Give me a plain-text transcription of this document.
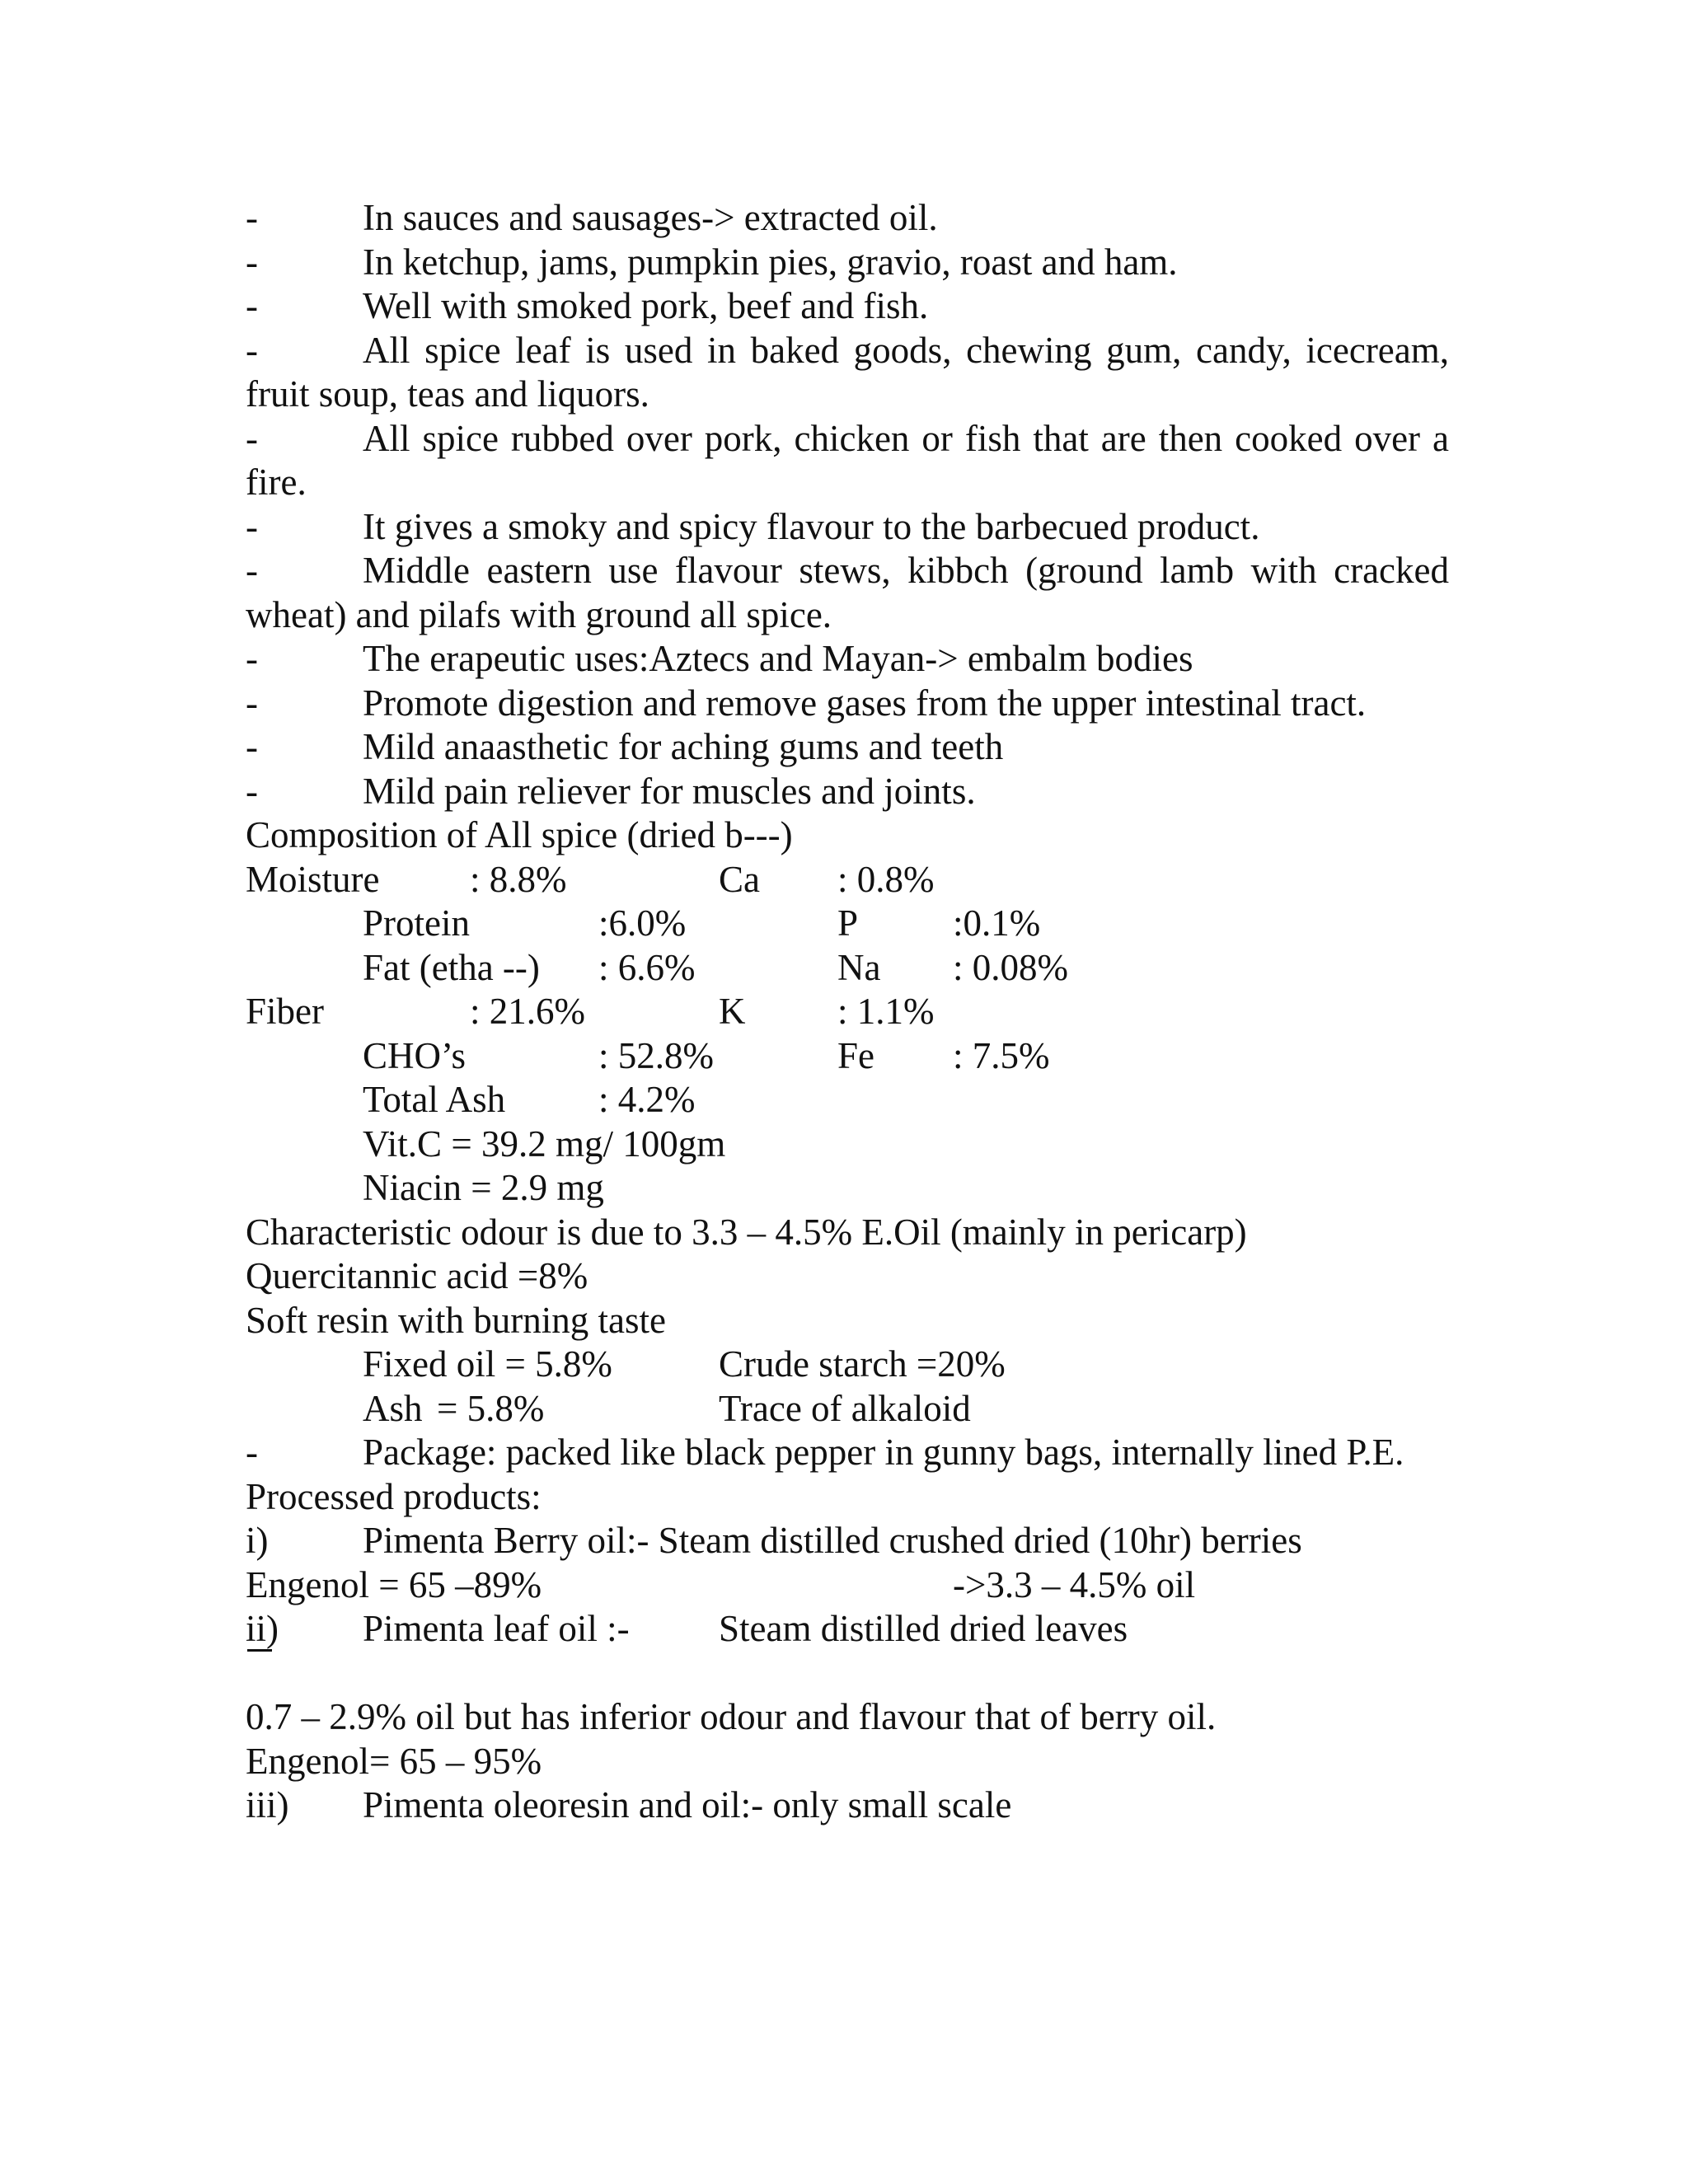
-	In sauces and sausages-> extracted oil.
-	In ketchup, jams, pumpkin pies, gravio, roast and ham.
-	Well with smoked pork, beef and fish.
-	All spice leaf is used in baked goods, chewing gum, candy, icecream,
fruit soup, teas and liquors.
-	All spice rubbed over pork, chicken or fish that are then cooked over a
fire.
-	It gives a smoky and spicy flavour to the barbecued product.
-	Middle eastern use flavour stews, kibbch (ground lamb with cracked
wheat) and pilafs with ground all spice.
-	The erapeutic uses:Aztecs and Mayan-> embalm bodies
-	Promote digestion and remove gases from the upper intestinal tract.
-	Mild anaasthetic for aching gums and teeth
-	Mild pain reliever for muscles and joints.
Composition of All spice (dried b---)
Moisture : 8.8%	Ca : 0.8%
Protein	:6.0%	P	:0.1%
Fat (etha --) : 6.6%	Na : 0.08%
Fiber	: 21.6%	K : 1.1%
CHO’s	: 52.8%	Fe : 7.5%
Total Ash	: 4.2%
Vit.C = 39.2 mg/ 100gm
Niacin = 2.9 mg
Characteristic odour is due to 3.3 – 4.5% E.Oil (mainly in pericarp)
Quercitannic acid =8%
Soft resin with burning taste
Fixed oil = 5.8%	Crude starch =20%
Ash = 5.8%	Trace of alkaloid
-	Package: packed like black pepper in gunny bags, internally lined P.E.
Processed products:
i)	Pimenta Berry oil:- Steam distilled crushed dried (10hr) berries
Engenol = 65 –89%	->3.3 – 4.5% oil
ii) Pimenta leaf oil :- Steam distilled dried leaves
0.7 – 2.9% oil but has inferior odour and flavour that of berry oil.
Engenol= 65 – 95%
iii) Pimenta oleoresin and oil:- only small scale
